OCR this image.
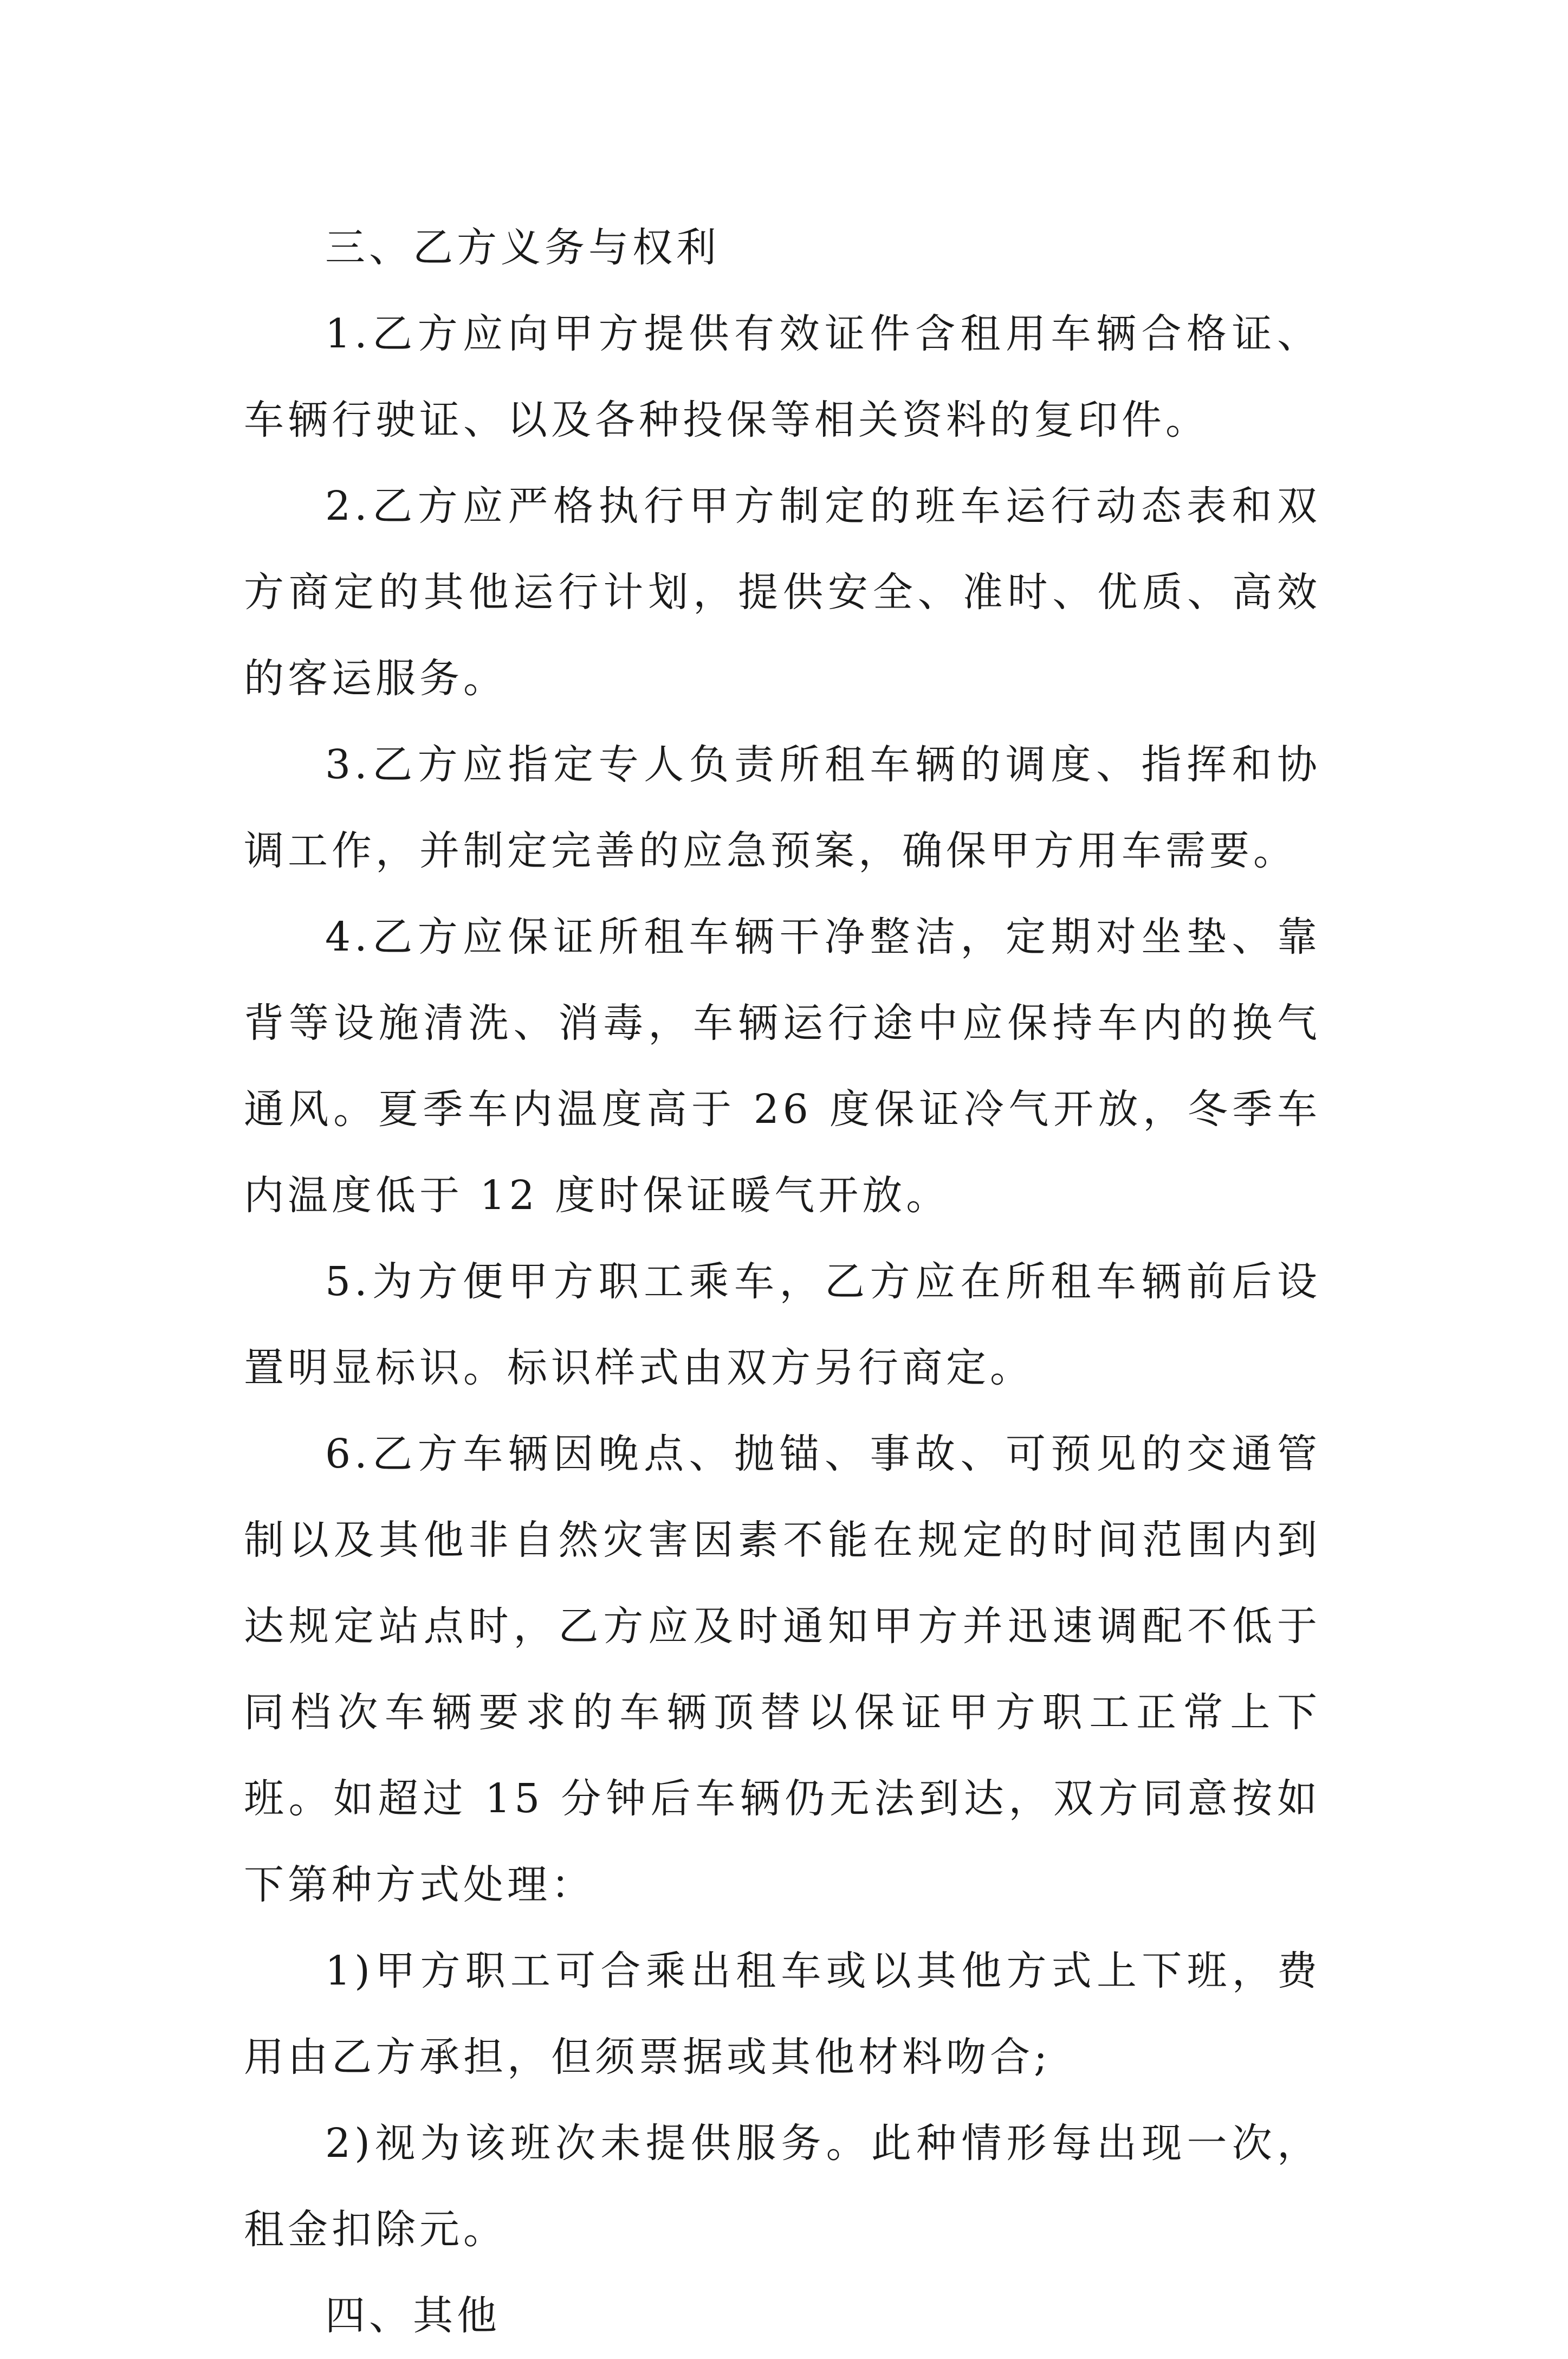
三、乙方义务与权利

1.乙方应向甲方提供有效证件含租用车辆合格证、车辆行驶证、以及各种投保等相关资料的复印件。

2.乙方应严格执行甲方制定的班车运行动态表和双方商定的其他运行计划，提供安全、准时、优质、高效的客运服务。

3.乙方应指定专人负责所租车辆的调度、指挥和协调工作，并制定完善的应急预案，确保甲方用车需要。

4.乙方应保证所租车辆干净整洁，定期对坐垫、靠背等设施清洗、消毒，车辆运行途中应保持车内的换气通风。夏季车内温度高于 26 度保证冷气开放，冬季车内温度低于 12 度时保证暖气开放。

5.为方便甲方职工乘车，乙方应在所租车辆前后设置明显标识。标识样式由双方另行商定。

6.乙方车辆因晚点、抛锚、事故、可预见的交通管制以及其他非自然灾害因素不能在规定的时间范围内到达规定站点时，乙方应及时通知甲方并迅速调配不低于同档次车辆要求的车辆顶替以保证甲方职工正常上下班。如超过 15 分钟后车辆仍无法到达，双方同意按如下第种方式处理：

1)甲方职工可合乘出租车或以其他方式上下班，费用由乙方承担，但须票据或其他材料吻合;

2)视为该班次未提供服务。此种情形每出现一次，租金扣除元。

四、其他
